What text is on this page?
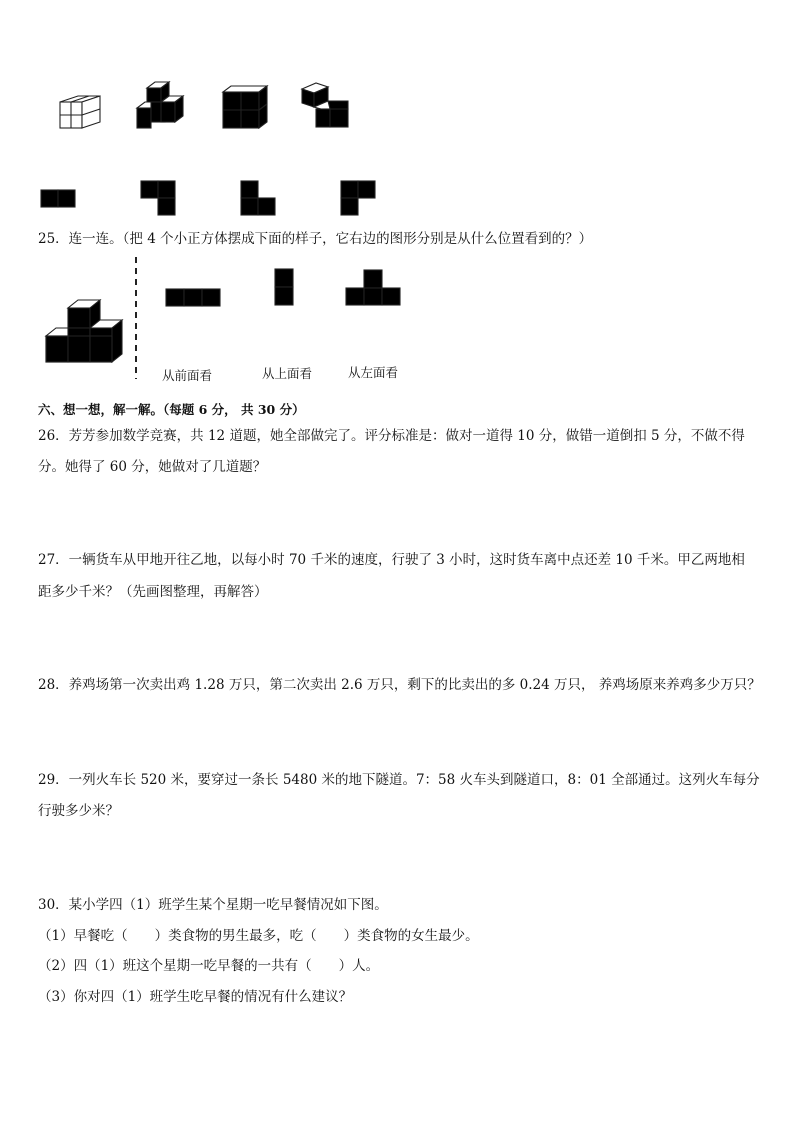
25．连一连。（把 4 个小正方体摆成下面的样子，它右边的图形分别是从什么位置看到的？）
从前面看	从上面看	从左面看
六、想一想，解一解。（每题 6 分， 共 30 分）
26．芳芳参加数学竞赛，共 12 道题，她全部做完了。评分标准是：做对一道得 10 分，做错一道倒扣 5 分，不做不得
分。她得了 60 分，她做对了几道题？
27．一辆货车从甲地开往乙地，以每小时 70 千米的速度，行驶了 3 小时，这时货车离中点还差 10 千米。甲乙两地相
距多少千米？（先画图整理，再解答）
28．养鸡场第一次卖出鸡 1.28 万只，第二次卖出 2.6 万只，剩下的比卖出的多 0.24 万只， 养鸡场原来养鸡多少万只？
29．一列火车长 520 米，要穿过一条长 5480 米的地下隧道。7：58 火车头到隧道口，8：01 全部通过。这列火车每分
行驶多少米？
30．某小学四（1）班学生某个星期一吃早餐情况如下图。
（1）早餐吃（　　）类食物的男生最多，吃（　　）类食物的女生最少。
（2）四（1）班这个星期一吃早餐的一共有（　　）人。
（3）你对四（1）班学生吃早餐的情况有什么建议？
